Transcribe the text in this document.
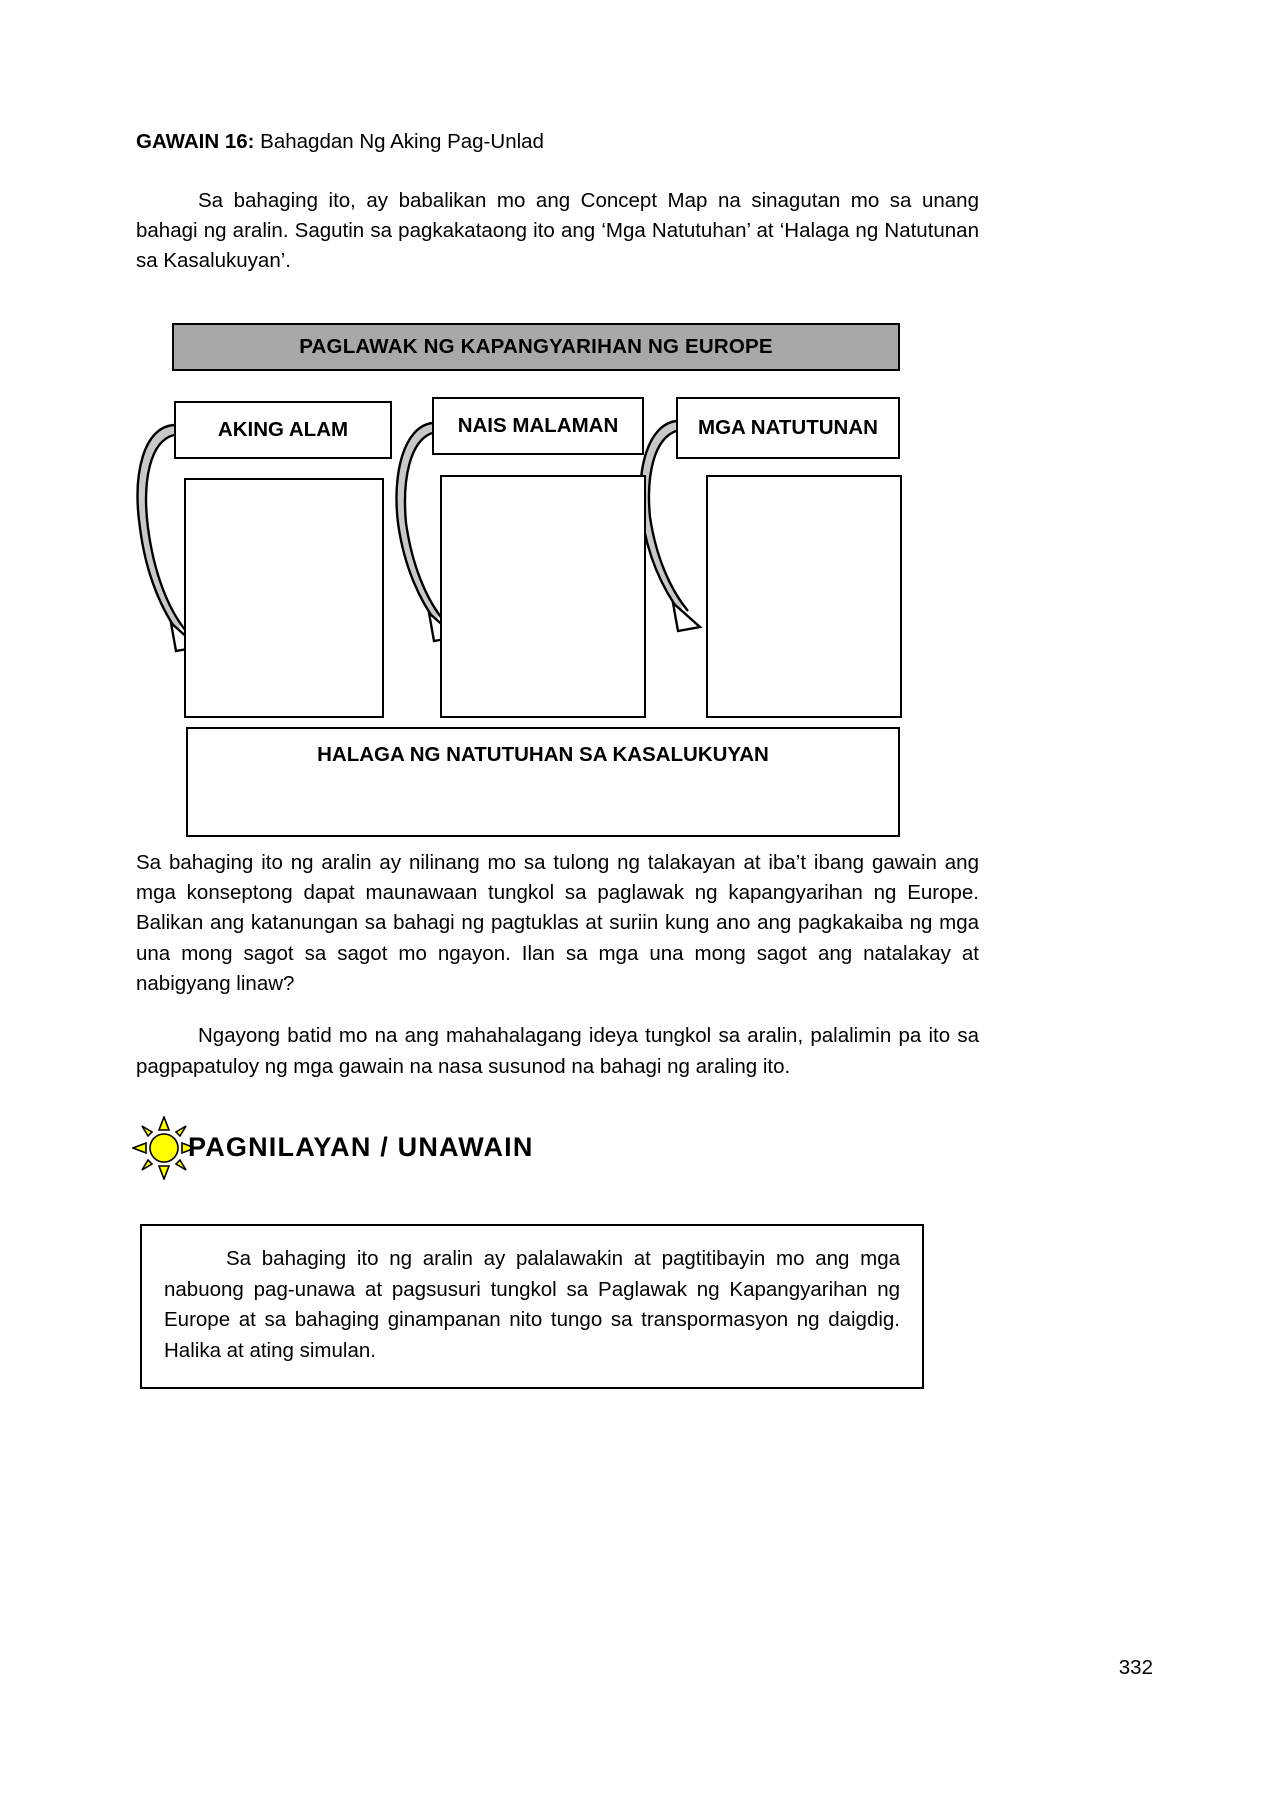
GAWAIN 16: Bahagdan Ng Aking Pag-Unlad

Sa bahaging ito, ay babalikan mo ang Concept Map na sinagutan mo sa unang bahagi ng aralin. Sagutin sa pagkakataong ito ang ‘Mga Natutuhan’ at ‘Halaga ng Natutunan sa Kasalukuyan’.

PAGLAWAK NG KAPANGYARIHAN NG EUROPE
AKING ALAM	NAIS MALAMAN	MGA NATUTUNAN
HALAGA NG NATUTUHAN SA KASALUKUYAN

Sa bahaging ito ng aralin ay nilinang mo sa tulong ng talakayan at iba’t ibang gawain ang mga konseptong dapat maunawaan tungkol sa paglawak ng kapangyarihan ng Europe. Balikan ang katanungan sa bahagi ng pagtuklas at suriin kung ano ang pagkakaiba ng mga una mong sagot sa sagot mo ngayon. Ilan sa mga una mong sagot ang natalakay at nabigyang linaw?

Ngayong batid mo na ang mahahalagang ideya tungkol sa aralin, palalimin pa ito sa pagpapatuloy ng mga gawain na nasa susunod na bahagi ng araling ito.

PAGNILAYAN / UNAWAIN

Sa bahaging ito ng aralin ay palalawakin at pagtitibayin mo ang mga nabuong pag-unawa at pagsusuri tungkol sa Paglawak ng Kapangyarihan ng Europe at sa bahaging ginampanan nito tungo sa transpormasyon ng daigdig. Halika at ating simulan.

332
